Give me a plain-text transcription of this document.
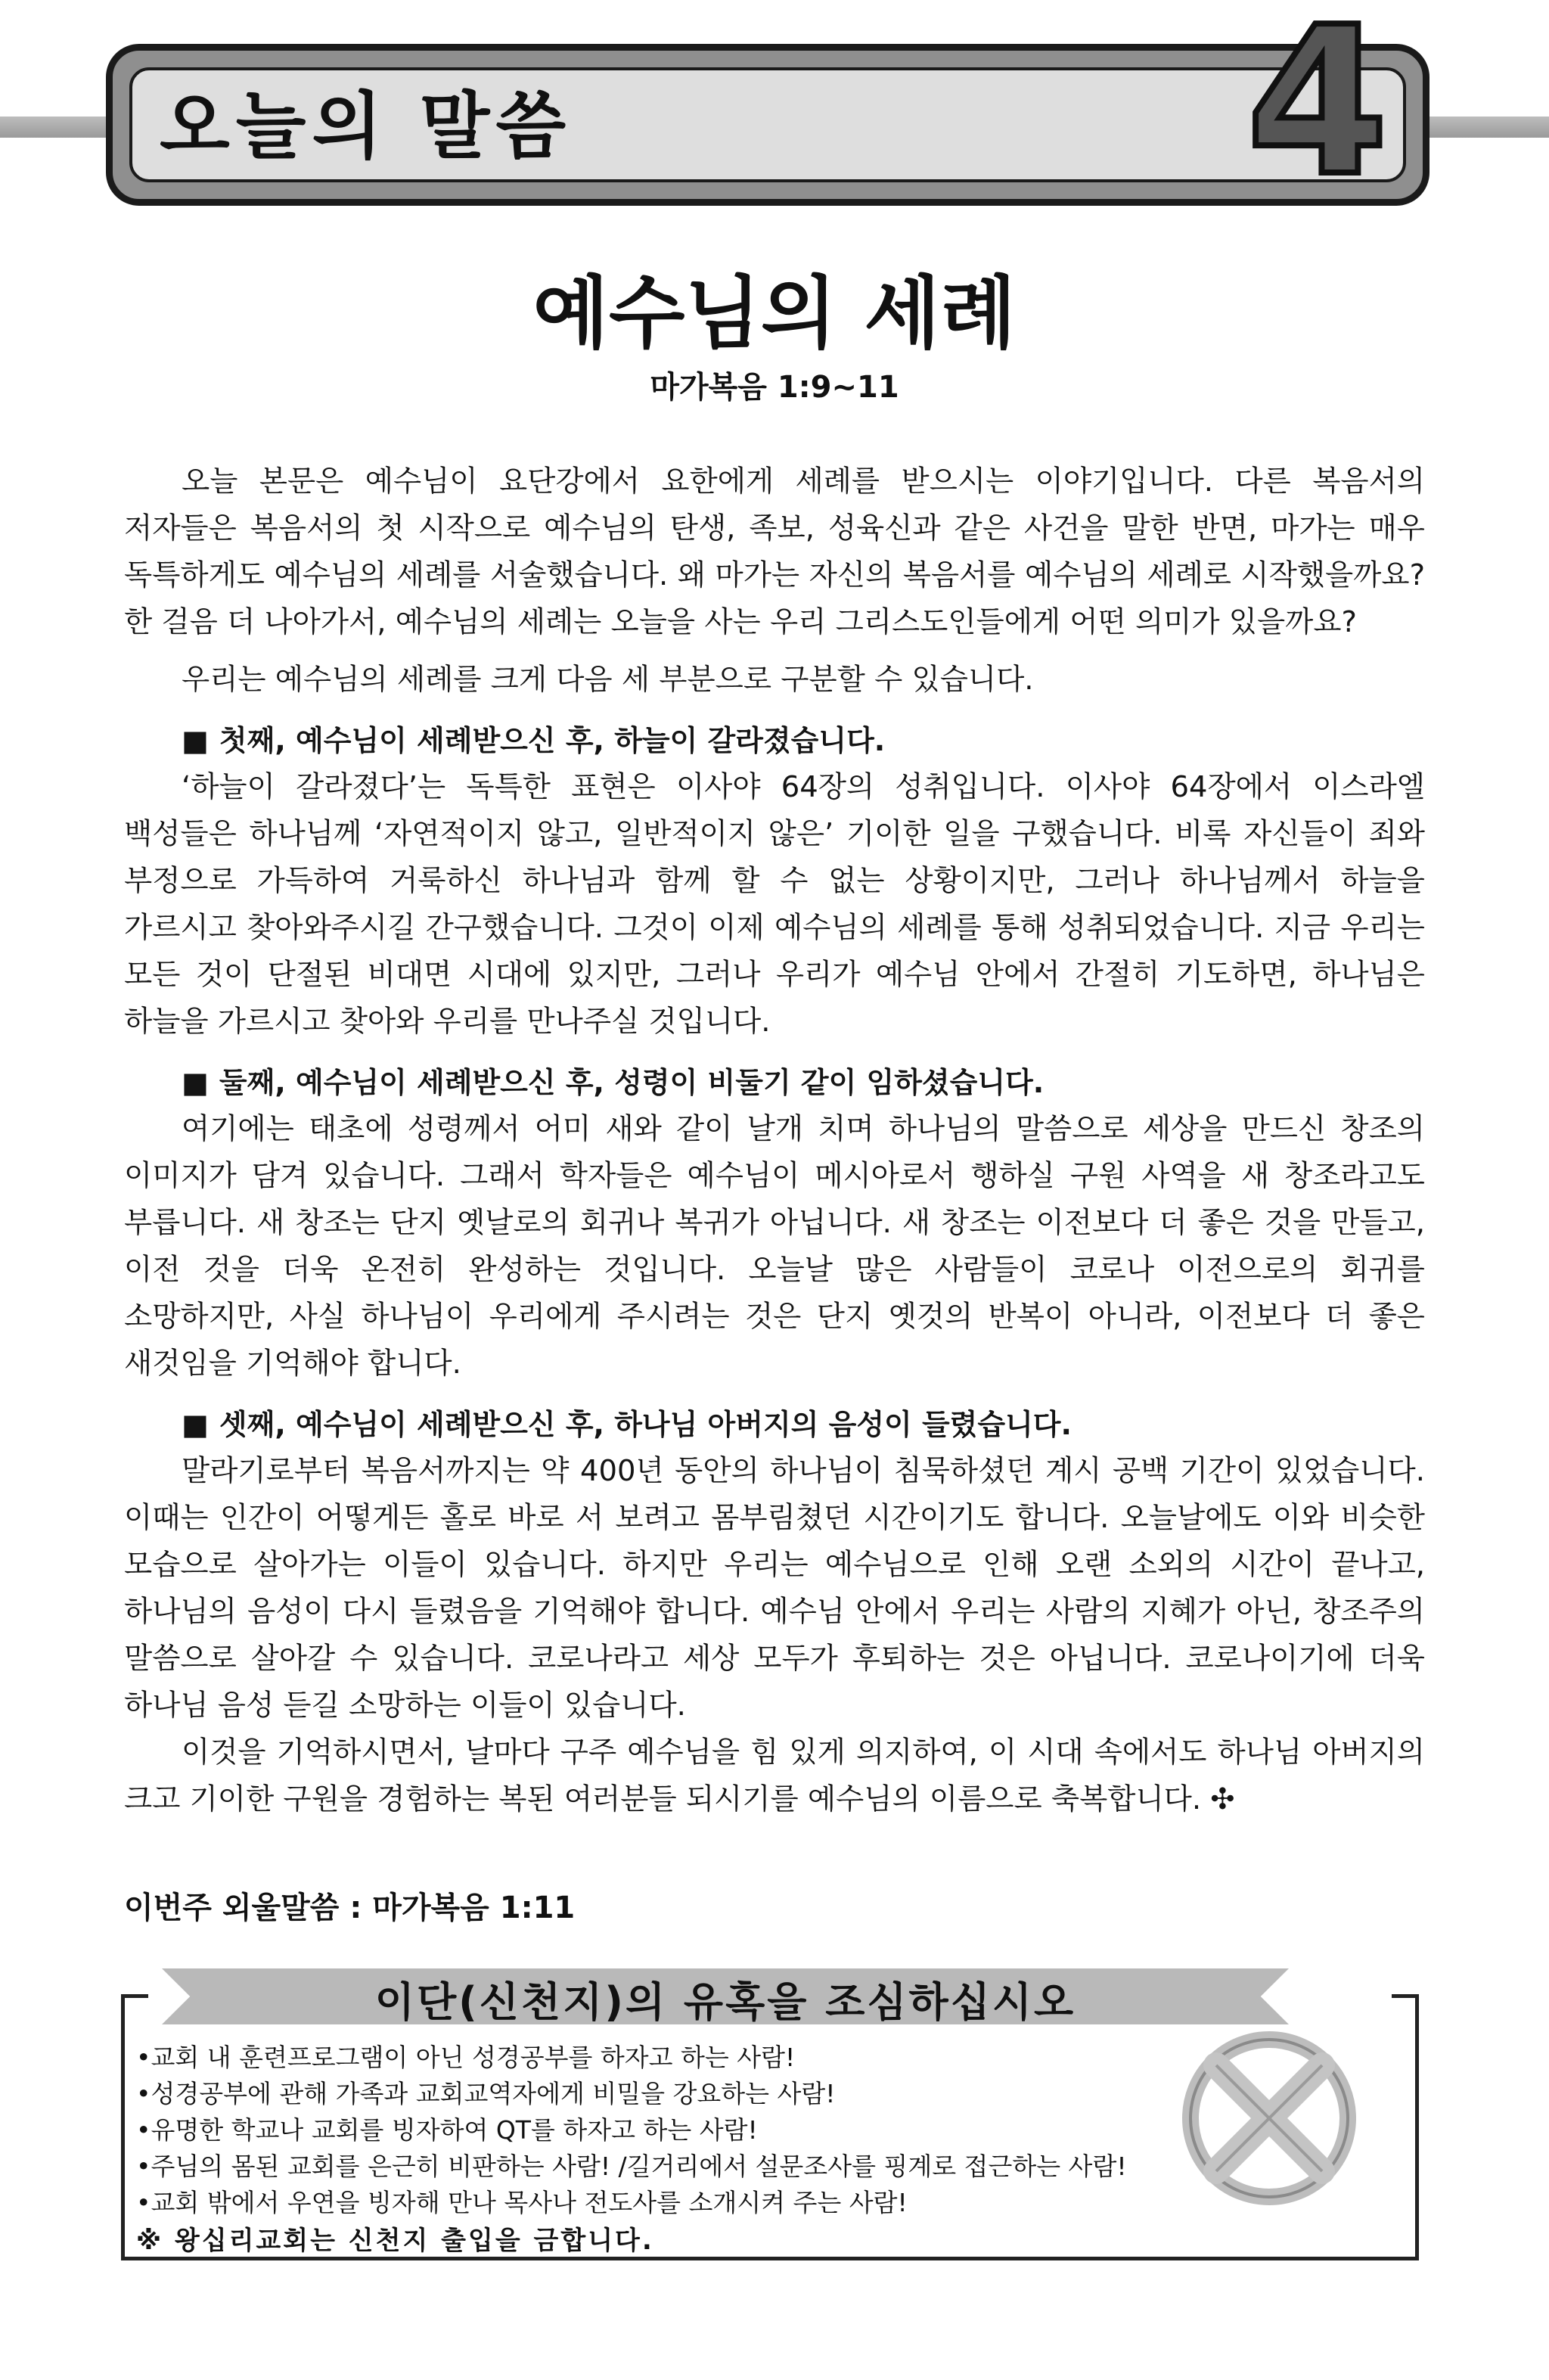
오늘의 말씀	4
예수님의 세례
마가복음 1:9~11

오늘 본문은 예수님이 요단강에서 요한에게 세례를 받으시는 이야기입니다. 다른 복음서의 저자들은 복음서의 첫 시작으로 예수님의 탄생, 족보, 성육신과 같은 사건을 말한 반면, 마가는 매우 독특하게도 예수님의 세례를 서술했습니다. 왜 마가는 자신의 복음서를 예수님의 세례로 시작했을까요? 한 걸음 더 나아가서, 예수님의 세례는 오늘을 사는 우리 그리스도인들에게 어떤 의미가 있을까요?

우리는 예수님의 세례를 크게 다음 세 부분으로 구분할 수 있습니다.

■ 첫째, 예수님이 세례받으신 후, 하늘이 갈라졌습니다.

‘하늘이 갈라졌다’는 독특한 표현은 이사야 64장의 성취입니다. 이사야 64장에서 이스라엘 백성들은 하나님께 ‘자연적이지 않고, 일반적이지 않은’ 기이한 일을 구했습니다. 비록 자신들이 죄와 부정으로 가득하여 거룩하신 하나님과 함께 할 수 없는 상황이지만, 그러나 하나님께서 하늘을 가르시고 찾아와주시길 간구했습니다. 그것이 이제 예수님의 세례를 통해 성취되었습니다. 지금 우리는 모든 것이 단절된 비대면 시대에 있지만, 그러나 우리가 예수님 안에서 간절히 기도하면, 하나님은 하늘을 가르시고 찾아와 우리를 만나주실 것입니다.

■ 둘째, 예수님이 세례받으신 후, 성령이 비둘기 같이 임하셨습니다.

여기에는 태초에 성령께서 어미 새와 같이 날개 치며 하나님의 말씀으로 세상을 만드신 창조의 이미지가 담겨 있습니다. 그래서 학자들은 예수님이 메시아로서 행하실 구원 사역을 새 창조라고도 부릅니다. 새 창조는 단지 옛날로의 회귀나 복귀가 아닙니다. 새 창조는 이전보다 더 좋은 것을 만들고, 이전 것을 더욱 온전히 완성하는 것입니다. 오늘날 많은 사람들이 코로나 이전으로의 회귀를 소망하지만, 사실 하나님이 우리에게 주시려는 것은 단지 옛것의 반복이 아니라, 이전보다 더 좋은 새것임을 기억해야 합니다.

■ 셋째, 예수님이 세례받으신 후, 하나님 아버지의 음성이 들렸습니다.

말라기로부터 복음서까지는 약 400년 동안의 하나님이 침묵하셨던 계시 공백 기간이 있었습니다. 이때는 인간이 어떻게든 홀로 바로 서 보려고 몸부림쳤던 시간이기도 합니다. 오늘날에도 이와 비슷한 모습으로 살아가는 이들이 있습니다. 하지만 우리는 예수님으로 인해 오랜 소외의 시간이 끝나고, 하나님의 음성이 다시 들렸음을 기억해야 합니다. 예수님 안에서 우리는 사람의 지혜가 아닌, 창조주의 말씀으로 살아갈 수 있습니다. 코로나라고 세상 모두가 후퇴하는 것은 아닙니다. 코로나이기에 더욱 하나님 음성 듣길 소망하는 이들이 있습니다.

이것을 기억하시면서, 날마다 구주 예수님을 힘 있게 의지하여, 이 시대 속에서도 하나님 아버지의 크고 기이한 구원을 경험하는 복된 여러분들 되시기를 예수님의 이름으로 축복합니다. ✣

이번주 외울말씀 : 마가복음 1:11
이단(신천지)의 유혹을 조심하십시오
•교회 내 훈련프로그램이 아닌 성경공부를 하자고 하는 사람!
•성경공부에 관해 가족과 교회교역자에게 비밀을 강요하는 사람!
•유명한 학교나 교회를 빙자하여 QT를 하자고 하는 사람!
•주님의 몸된 교회를 은근히 비판하는 사람! /길거리에서 설문조사를 핑계로 접근하는 사람!
•교회 밖에서 우연을 빙자해 만나 목사나 전도사를 소개시켜 주는 사람!
※ 왕십리교회는 신천지 출입을 금합니다.
